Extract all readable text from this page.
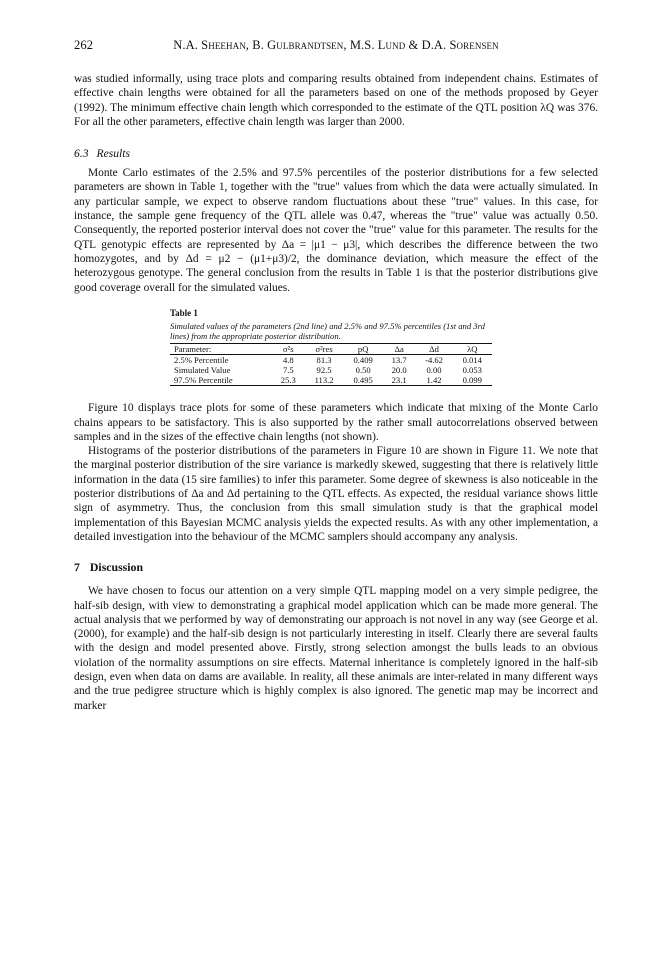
262	N.A. Sheehan, B. Gulbrandtsen, M.S. Lund & D.A. Sorensen

was studied informally, using trace plots and comparing results obtained from independent chains. Estimates of effective chain lengths were obtained for all the parameters based on one of the methods proposed by Geyer (1992). The minimum effective chain length which corresponded to the estimate of the QTL position λQ was 376. For all the other parameters, effective chain length was larger than 2000.

6.3 Results

Monte Carlo estimates of the 2.5% and 97.5% percentiles of the posterior distributions for a few selected parameters are shown in Table 1, together with the "true" values from which the data were actually simulated. In any particular sample, we expect to observe random fluctuations about these "true" values. In this case, for instance, the sample gene frequency of the QTL allele was 0.47, whereas the "true" value was actually 0.50. Consequently, the reported posterior interval does not cover the "true" value for this parameter. The results for the QTL genotypic effects are represented by Δa = |μ1 − μ3|, which describes the difference between the two homozygotes, and by Δd = μ2 − (μ1+μ3)/2, the dominance deviation, which measure the effect of the heterozygous genotype. The general conclusion from the results in Table 1 is that the posterior distributions give good coverage overall for the simulated values.

Table 1
Simulated values of the parameters (2nd line) and 2.5% and 97.5% percentiles (1st and 3rd lines) from the appropriate posterior distribution.
Parameter:	σ²s	σ²res	pQ	Δa	Δd	λQ
2.5% Percentile	4.8	81.3	0.409	13.7	-4.62	0.014
Simulated Value	7.5	92.5	0.50	20.0	0.00	0.053
97.5% Percentile	25.3	113.2	0.495	23.1	1.42	0.099

Figure 10 displays trace plots for some of these parameters which indicate that mixing of the Monte Carlo chains appears to be satisfactory. This is also supported by the rather small autocorrelations observed between samples and in the sizes of the effective chain lengths (not shown).

Histograms of the posterior distributions of the parameters in Figure 10 are shown in Figure 11. We note that the marginal posterior distribution of the sire variance is markedly skewed, suggesting that there is relatively little information in the data (15 sire families) to infer this parameter. Some degree of skewness is also noticeable in the posterior distributions of Δa and Δd pertaining to the QTL effects. As expected, the residual variance shows little sign of asymmetry. Thus, the conclusion from this small simulation study is that the graphical model implementation of this Bayesian MCMC analysis yields the expected results. As with any other implementation, a detailed investigation into the behaviour of the MCMC samplers should accompany any analysis.

7 Discussion

We have chosen to focus our attention on a very simple QTL mapping model on a very simple pedigree, the half-sib design, with view to demonstrating a graphical model application which can be made more general. The actual analysis that we performed by way of demonstrating our approach is not novel in any way (see George et al. (2000), for example) and the half-sib design is not particularly interesting in itself. Clearly there are several faults with the design and model presented above. Firstly, strong selection amongst the bulls leads to an obvious violation of the normality assumptions on sire effects. Maternal inheritance is completely ignored in the half-sib design, even when data on dams are available. In reality, all these animals are inter-related in many different ways and the true pedigree structure which is highly complex is also ignored. The genetic map may be incorrect and marker
